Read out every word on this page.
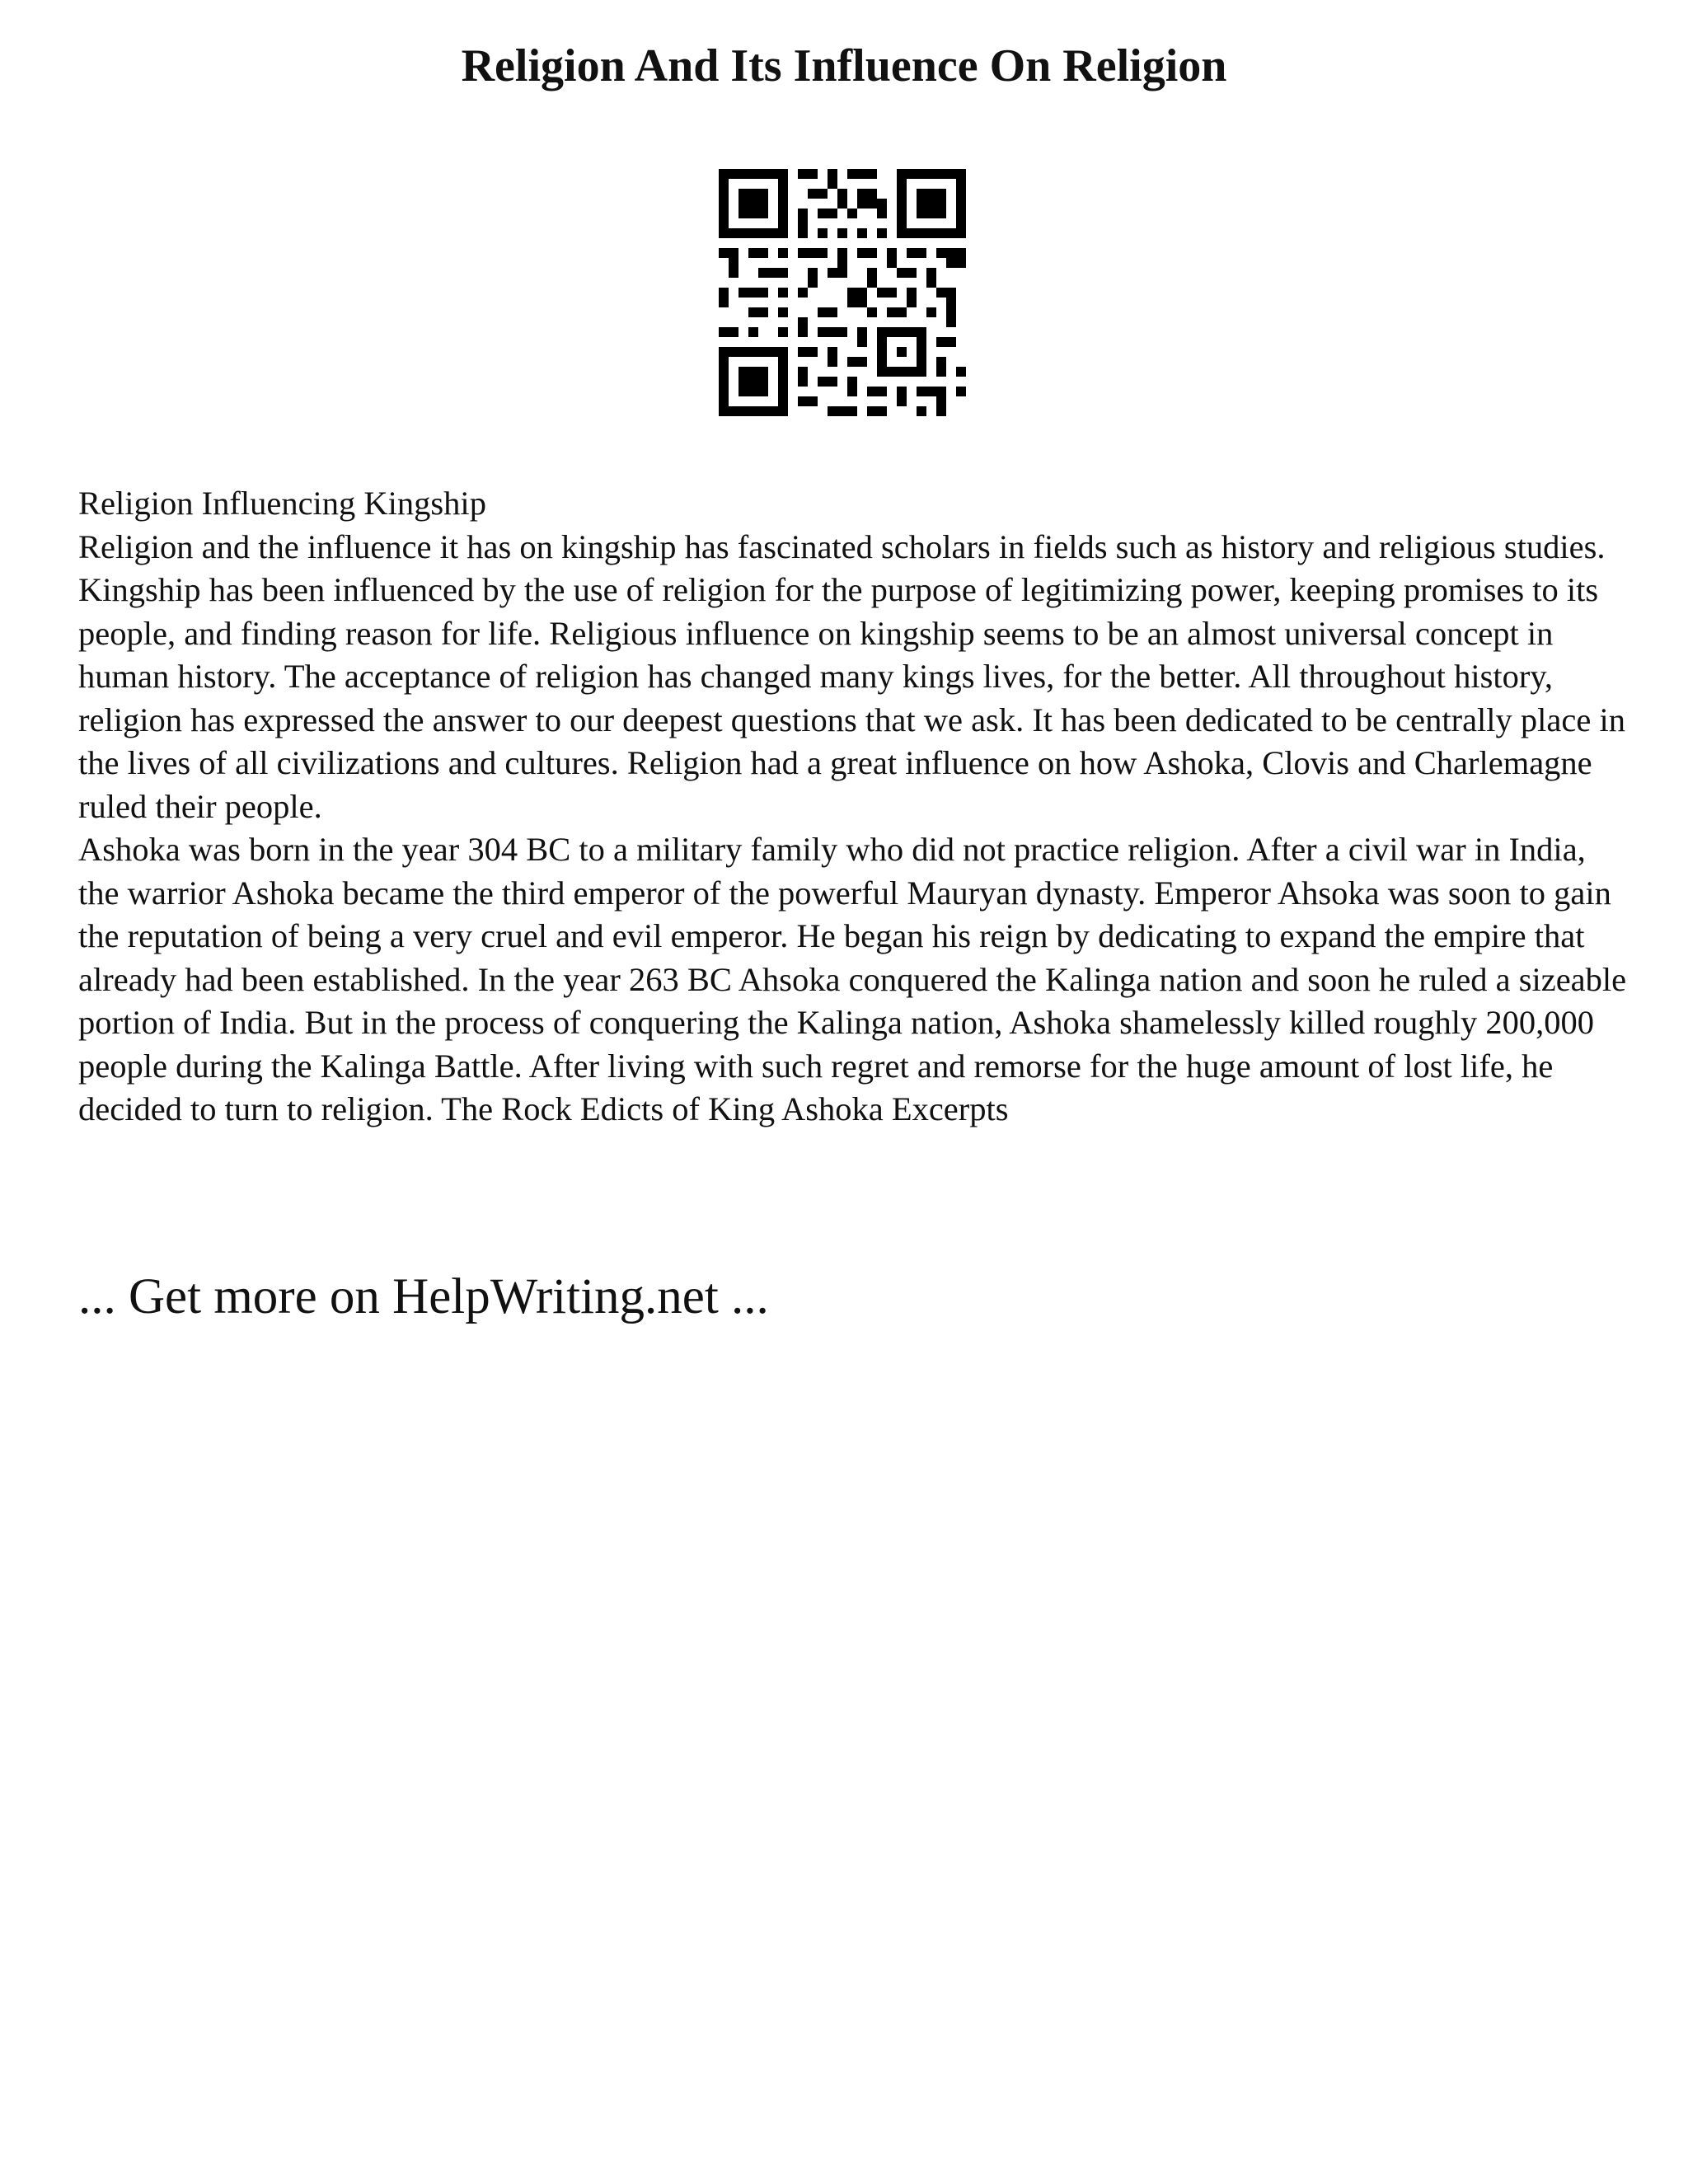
Religion And Its Influence On Religion

Religion Influencing Kingship

Religion and the influence it has on kingship has fascinated scholars in fields such as history and religious studies. Kingship has been influenced by the use of religion for the purpose of legitimizing power, keeping promises to its people, and finding reason for life. Religious influence on kingship seems to be an almost universal concept in human history. The acceptance of religion has changed many kings lives, for the better. All throughout history, religion has expressed the answer to our deepest questions that we ask. It has been dedicated to be centrally place in the lives of all civilizations and cultures. Religion had a great influence on how Ashoka, Clovis and Charlemagne ruled their people.

Ashoka was born in the year 304 BC to a military family who did not practice religion. After a civil war in India, the warrior Ashoka became the third emperor of the powerful Mauryan dynasty. Emperor Ahsoka was soon to gain the reputation of being a very cruel and evil emperor. He began his reign by dedicating to expand the empire that already had been established. In the year 263 BC Ahsoka conquered the Kalinga nation and soon he ruled a sizeable portion of India. But in the process of conquering the Kalinga nation, Ashoka shamelessly killed roughly 200,000 people during the Kalinga Battle. After living with such regret and remorse for the huge amount of lost life, he decided to turn to religion. The Rock Edicts of King Ashoka Excerpts

... Get more on HelpWriting.net ...
